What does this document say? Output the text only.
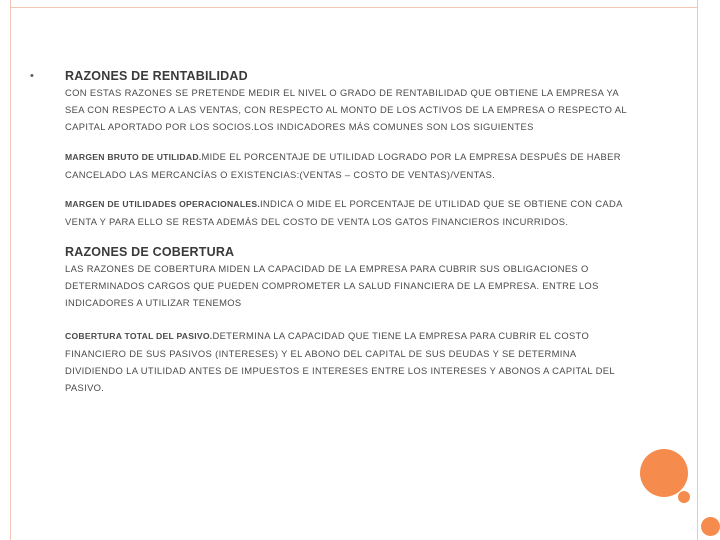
• RAZONES DE RENTABILIDAD

CON ESTAS RAZONES SE PRETENDE MEDIR EL NIVEL O GRADO DE RENTABILIDAD QUE OBTIENE LA EMPRESA YA SEA CON RESPECTO A LAS VENTAS, CON RESPECTO AL MONTO DE LOS ACTIVOS DE LA EMPRESA O RESPECTO AL CAPITAL APORTADO POR LOS SOCIOS.LOS INDICADORES MÁS COMUNES SON LOS SIGUIENTES

MARGEN BRUTO DE UTILIDAD.MIDE EL PORCENTAJE DE UTILIDAD LOGRADO POR LA EMPRESA DESPUÉS DE HABER CANCELADO LAS MERCANCÍAS O EXISTENCIAS:(VENTAS – COSTO DE VENTAS)/VENTAS.

MARGEN DE UTILIDADES OPERACIONALES.INDICA O MIDE EL PORCENTAJE DE UTILIDAD QUE SE OBTIENE CON CADA VENTA Y PARA ELLO SE RESTA ADEMÁS DEL COSTO DE VENTA LOS GATOS FINANCIEROS INCURRIDOS.

RAZONES DE COBERTURA

LAS RAZONES DE COBERTURA MIDEN LA CAPACIDAD DE LA EMPRESA PARA CUBRIR SUS OBLIGACIONES O DETERMINADOS CARGOS QUE PUEDEN COMPROMETER LA SALUD FINANCIERA DE LA EMPRESA. ENTRE LOS INDICADORES A UTILIZAR TENEMOS

COBERTURA TOTAL DEL PASIVO.DETERMINA LA CAPACIDAD QUE TIENE LA EMPRESA PARA CUBRIR EL COSTO FINANCIERO DE SUS PASIVOS (INTERESES) Y EL ABONO DEL CAPITAL DE SUS DEUDAS Y SE DETERMINA DIVIDIENDO LA UTILIDAD ANTES DE IMPUESTOS E INTERESES ENTRE LOS INTERESES Y ABONOS A CAPITAL DEL PASIVO.
